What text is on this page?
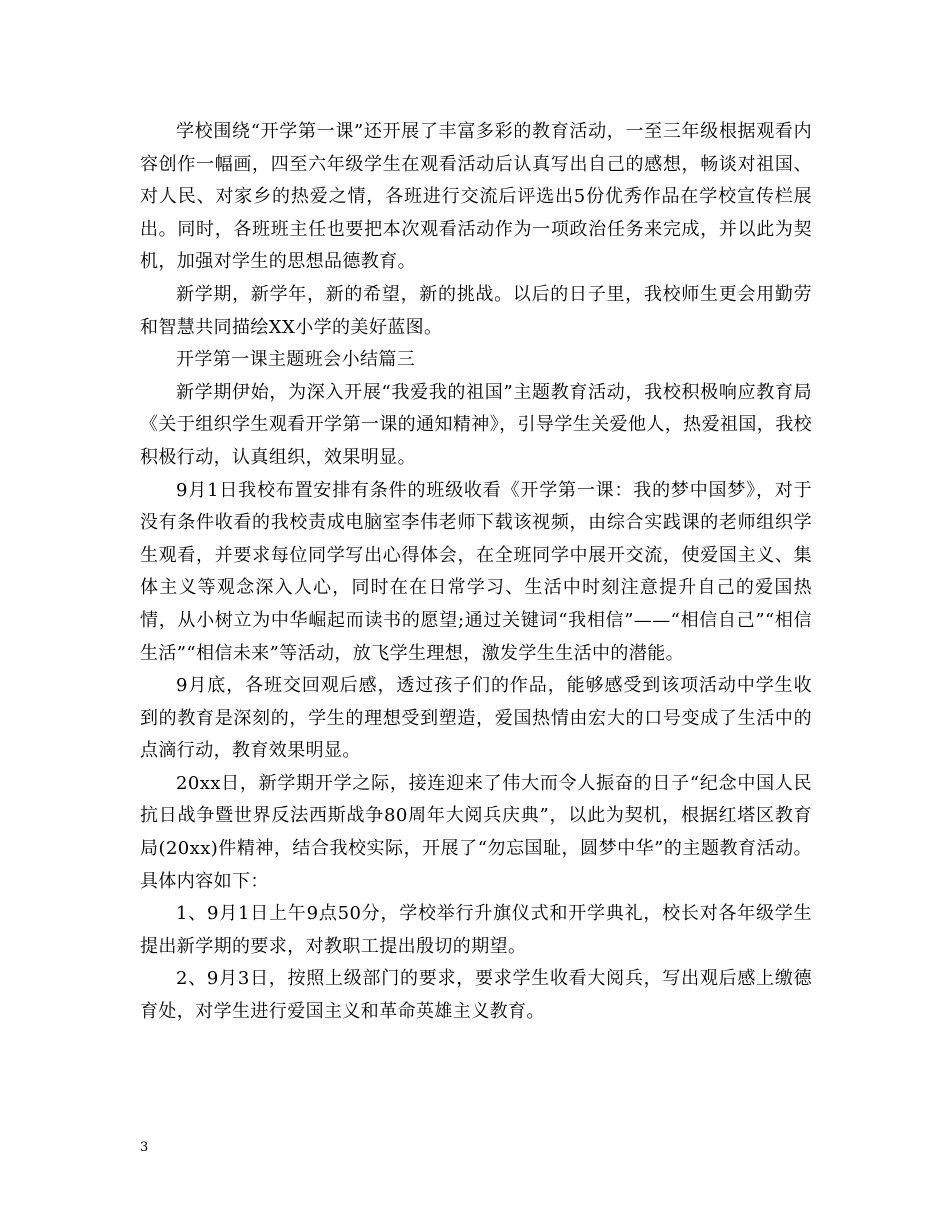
学校围绕“开学第一课”还开展了丰富多彩的教育活动，一至三年级根据观看内容创作一幅画，四至六年级学生在观看活动后认真写出自己的感想，畅谈对祖国、对人民、对家乡的热爱之情，各班进行交流后评选出5份优秀作品在学校宣传栏展出。同时，各班班主任也要把本次观看活动作为一项政治任务来完成，并以此为契机，加强对学生的思想品德教育。

新学期，新学年，新的希望，新的挑战。以后的日子里，我校师生更会用勤劳和智慧共同描绘XX小学的美好蓝图。

开学第一课主题班会小结篇三

新学期伊始，为深入开展“我爱我的祖国”主题教育活动，我校积极响应教育局《关于组织学生观看开学第一课的通知精神》，引导学生关爱他人，热爱祖国，我校积极行动，认真组织，效果明显。

9月1日我校布置安排有条件的班级收看《开学第一课：我的梦中国梦》，对于没有条件收看的我校责成电脑室李伟老师下载该视频，由综合实践课的老师组织学生观看，并要求每位同学写出心得体会，在全班同学中展开交流，使爱国主义、集体主义等观念深入人心，同时在在日常学习、生活中时刻注意提升自己的爱国热情，从小树立为中华崛起而读书的愿望;通过关键词“我相信”——“相信自己”“相信生活”“相信未来”等活动，放飞学生理想，激发学生生活中的潜能。

9月底，各班交回观后感，透过孩子们的作品，能够感受到该项活动中学生收到的教育是深刻的，学生的理想受到塑造，爱国热情由宏大的口号变成了生活中的点滴行动，教育效果明显。

20xx日，新学期开学之际，接连迎来了伟大而令人振奋的日子“纪念中国人民抗日战争暨世界反法西斯战争80周年大阅兵庆典”，以此为契机，根据红塔区教育局(20xx)件精神，结合我校实际，开展了“勿忘国耻，圆梦中华”的主题教育活动。具体内容如下：

1、9月1日上午9点50分，学校举行升旗仪式和开学典礼，校长对各年级学生提出新学期的要求，对教职工提出殷切的期望。

2、9月3日，按照上级部门的要求，要求学生收看大阅兵，写出观后感上缴德育处，对学生进行爱国主义和革命英雄主义教育。

3
